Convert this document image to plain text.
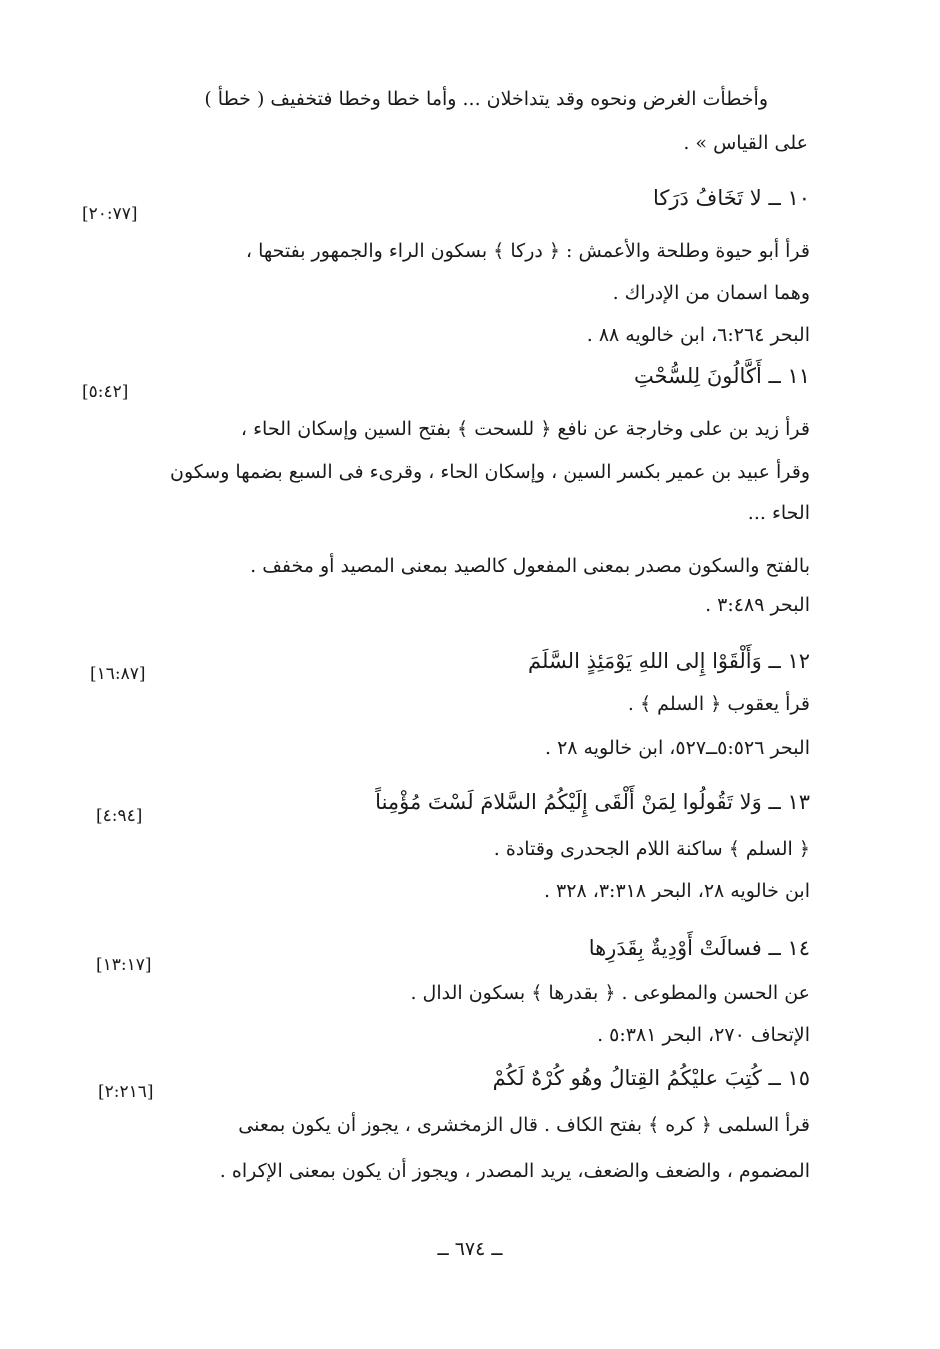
وأخطأت الغرض ونحوه وقد يتداخلان ... وأما خطا وخطا فتخفيف ( خطأ )
على القياس » .
١٠ ــ لا تَخَافُ دَرَكا
[٢٠:٧٧]
قرأ أبو حيوة وطلحة والأعمش : ﴿ دركا ﴾ بسكون الراء والجمهور بفتحها ،
وهما اسمان من الإدراك .
البحر ٦:٢٦٤، ابن خالويه ٨٨ .
١١ ــ أَكَّالُونَ لِلسُّحْتِ
[٥:٤٢]
قرأ زيد بن على وخارجة عن نافع ﴿ للسحت ﴾ بفتح السين وإسكان الحاء ،
وقرأ عبيد بن عمير بكسر السين ، وإسكان الحاء ، وقرىء فى السبع بضمها وسكون
الحاء ...
بالفتح والسكون مصدر بمعنى المفعول كالصيد بمعنى المصيد أو مخفف .
البحر ٣:٤٨٩ .
١٢ ــ وَأَلْقَوْا إِلى اللهِ يَوْمَئِذٍ السَّلَمَ
[١٦:٨٧]
قرأ يعقوب ﴿ السلم ﴾ .
البحر ٥:٥٢٦ــ٥٢٧، ابن خالويه ٢٨ .
١٣ ــ وَلا تَقُولُوا لِمَنْ أَلْقَى إِلَيْكُمُ السَّلامَ لَسْتَ مُؤْمِناً
[٤:٩٤]
﴿ السلم ﴾ ساكنة اللام الجحدرى وقتادة .
ابن خالويه ٢٨، البحر ٣:٣١٨، ٣٢٨ .
١٤ ــ فسالَتْ أَوْدِيةٌ بِقَدَرِها
[١٣:١٧]
عن الحسن والمطوعى . ﴿ بقدرها ﴾ بسكون الدال .
الإتحاف ٢٧٠، البحر ٥:٣٨١ .
١٥ ــ كُتِبَ عليْكُمُ القِتالُ وهُو كُرْهٌ لَكُمْ
[٢:٢١٦]
قرأ السلمى ﴿ كره ﴾ بفتح الكاف . قال الزمخشرى ، يجوز أن يكون بمعنى
المضموم ، والضعف والضعف، يريد المصدر ، ويجوز أن يكون بمعنى الإكراه .
ــ ٦٧٤ ــ
